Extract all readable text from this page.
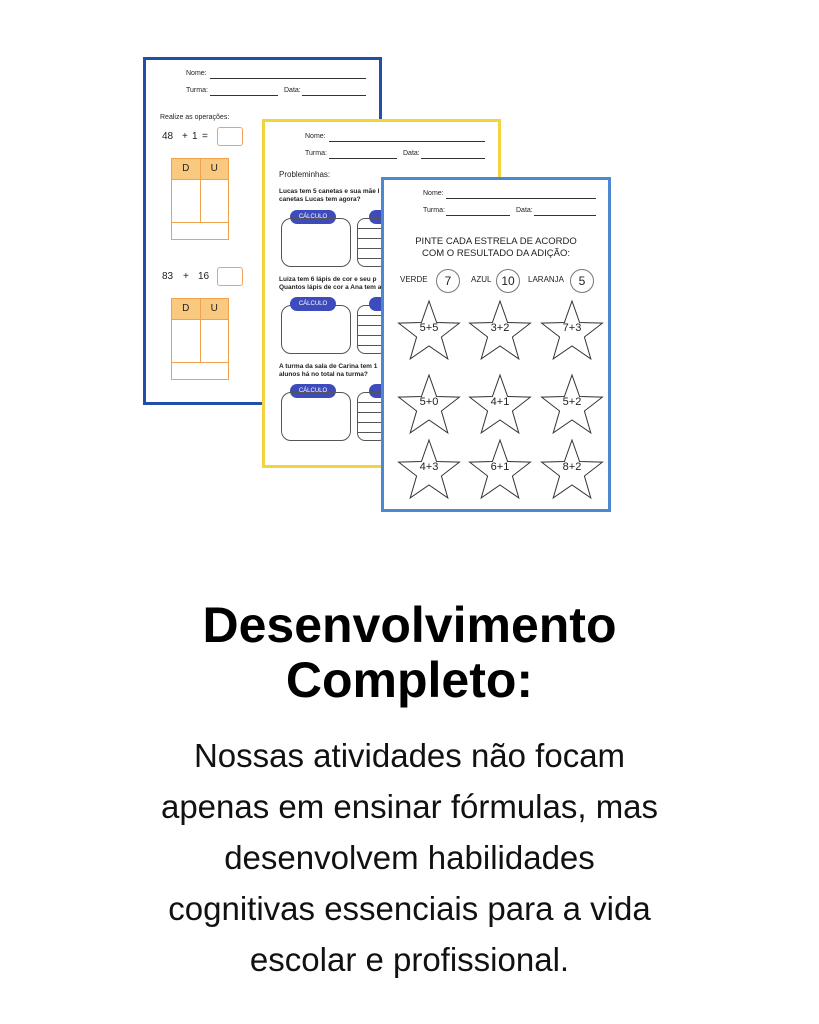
Nome:
Turma:	Data:
Realize as operações:
48 + 1 =
D	U
83 + 16
D	U
Nome:
Turma:	Data:
Probleminhas:
Lucas tem 5 canetas e sua mãe l
canetas Lucas tem agora?
CÁLCULO
Luiza tem 6 lápis de cor e seu p
Quantos lápis de cor a Ana tem a
CÁLCULO
A turma da sala de Carina tem 1
alunos há no total na turma?
CÁLCULO
Nome:
Turma:	Data:
PINTE CADA ESTRELA DE ACORDO
COM O RESULTADO DA ADIÇÃO:
VERDE	7	AZUL 10	LARANJA	5
5+5	3+2	7+3
5+0	4+1	5+2
4+3	6+1	8+2
Desenvolvimento
Completo:

Nossas atividades não focam
apenas em ensinar fórmulas, mas
desenvolvem habilidades
cognitivas essenciais para a vida
escolar e profissional.
